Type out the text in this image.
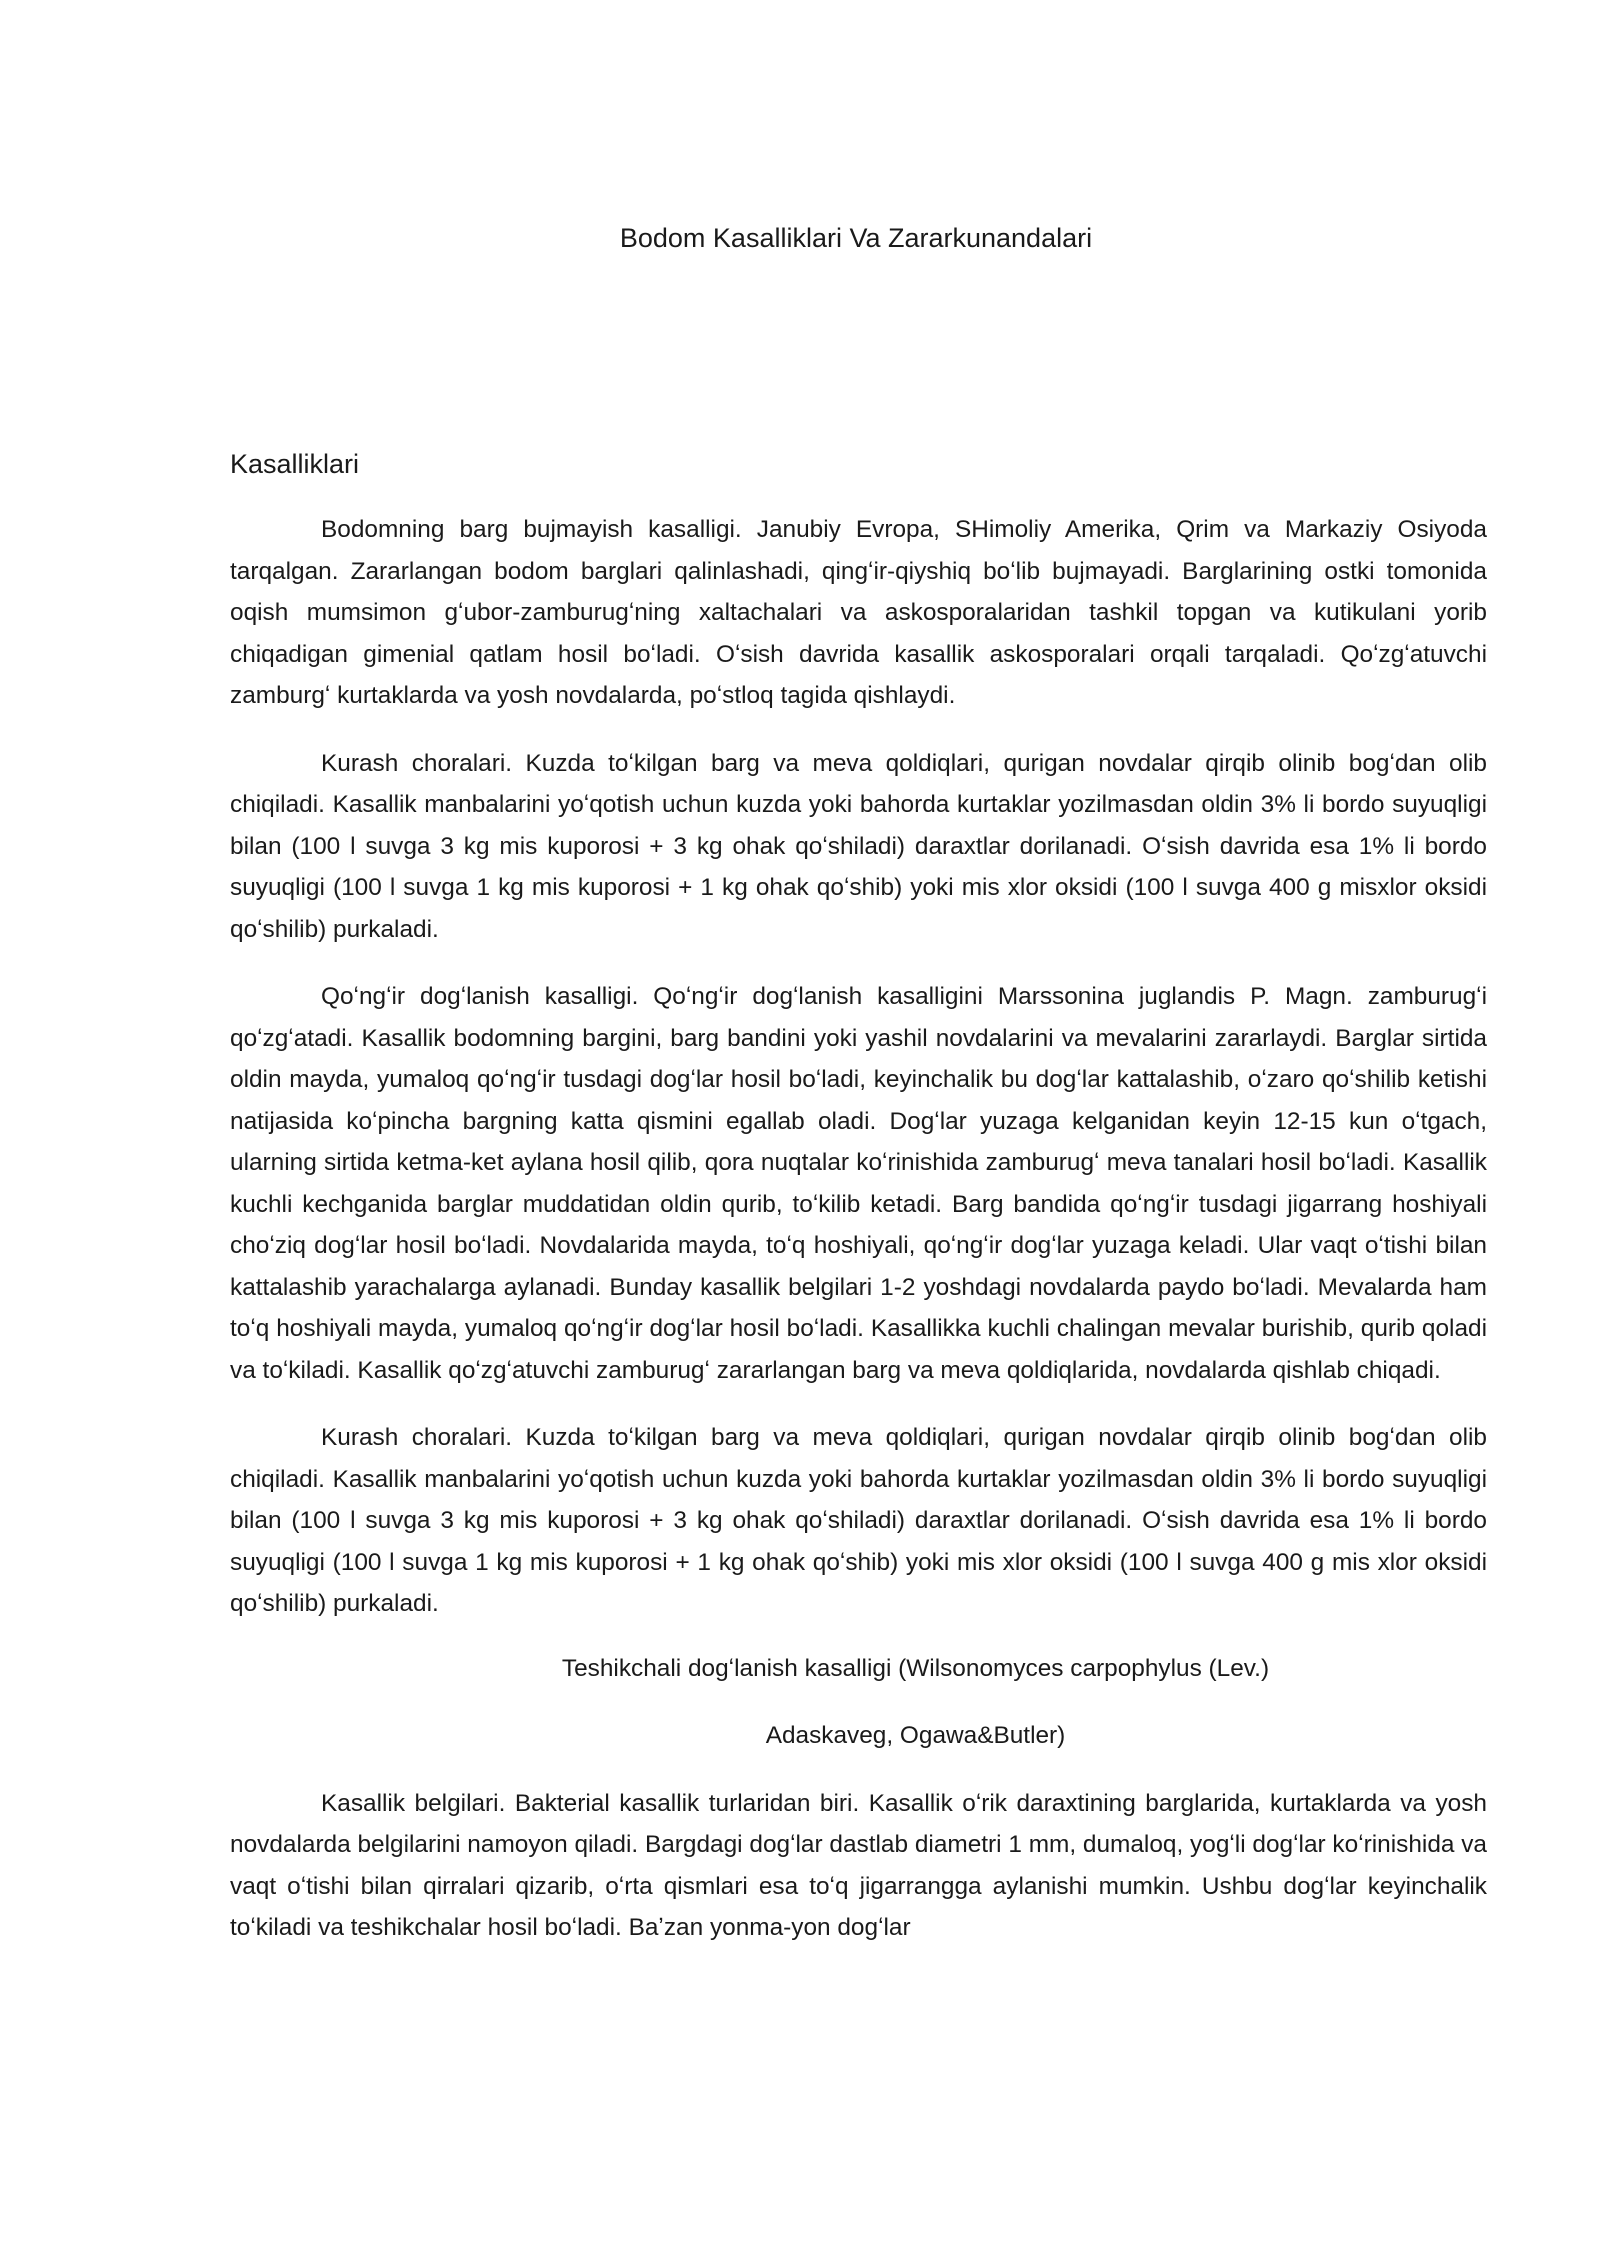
Bodom Kasalliklari Va Zararkunandalari
Kasalliklari

Bodomning barg bujmayish kasalligi. Janubiy Evropa, SHimoliy Amerika, Qrim va Markaziy Osiyoda tarqalgan. Zararlangan bodom barglari qalinlashadi, qingʻir-qiyshiq boʻlib bujmayadi. Barglarining ostki tomonida oqish mumsimon gʻubor-zamburugʻning xaltachalari va askosporalaridan tashkil topgan va kutikulani yorib chiqadigan gimenial qatlam hosil boʻladi. Oʻsish davrida kasallik askosporalari orqali tarqaladi. Qoʻzgʻatuvchi zamburgʻ kurtaklarda va yosh novdalarda, poʻstloq tagida qishlaydi.

Kurash choralari. Kuzda toʻkilgan barg va meva qoldiqlari, qurigan novdalar qirqib olinib bogʻdan olib chiqiladi. Kasallik manbalarini yoʻqotish uchun kuzda yoki bahorda kurtaklar yozilmasdan oldin 3% li bordo suyuqligi bilan (100 l suvga 3 kg mis kuporosi + 3 kg ohak qoʻshiladi) daraxtlar dorilanadi. Oʻsish davrida esa 1% li bordo suyuqligi (100 l suvga 1 kg mis kuporosi + 1 kg ohak qoʻshib) yoki mis xlor oksidi (100 l suvga 400 g misxlor oksidi qoʻshilib) purkaladi.

Qoʻngʻir dogʻlanish kasalligi. Qoʻngʻir dogʻlanish kasalligini Marssonina juglandis P. Magn. zamburugʻi qoʻzgʻatadi. Kasallik bodomning bargini, barg bandini yoki yashil novdalarini va mevalarini zararlaydi. Barglar sirtida oldin mayda, yumaloq qoʻngʻir tusdagi dogʻlar hosil boʻladi, keyinchalik bu dogʻlar kattalashib, oʻzaro qoʻshilib ketishi natijasida koʻpincha bargning katta qismini egallab oladi. Dogʻlar yuzaga kelganidan keyin 12-15 kun oʻtgach, ularning sirtida ketma-ket aylana hosil qilib, qora nuqtalar koʻrinishida zamburugʻ meva tanalari hosil boʻladi. Kasallik kuchli kechganida barglar muddatidan oldin qurib, toʻkilib ketadi. Barg bandida qoʻngʻir tusdagi jigarrang hoshiyali choʻziq dogʻlar hosil boʻladi. Novdalarida mayda, toʻq hoshiyali, qoʻngʻir dogʻlar yuzaga keladi. Ular vaqt oʻtishi bilan kattalashib yarachalarga aylanadi. Bunday kasallik belgilari 1-2 yoshdagi novdalarda paydo boʻladi. Mevalarda ham toʻq hoshiyali mayda, yumaloq qoʻngʻir dogʻlar hosil boʻladi. Kasallikka kuchli chalingan mevalar burishib, qurib qoladi va toʻkiladi. Kasallik qoʻzgʻatuvchi zamburugʻ zararlangan barg va meva qoldiqlarida, novdalarda qishlab chiqadi.

Kurash choralari. Kuzda toʻkilgan barg va meva qoldiqlari, qurigan novdalar qirqib olinib bogʻdan olib chiqiladi. Kasallik manbalarini yoʻqotish uchun kuzda yoki bahorda kurtaklar yozilmasdan oldin 3% li bordo suyuqligi bilan (100 l suvga 3 kg mis kuporosi + 3 kg ohak qoʻshiladi) daraxtlar dorilanadi. Oʻsish davrida esa 1% li bordo suyuqligi (100 l suvga 1 kg mis kuporosi + 1 kg ohak qoʻshib) yoki mis xlor oksidi (100 l suvga 400 g mis xlor oksidi qoʻshilib) purkaladi.

Teshikchali dogʻlanish kasalligi (Wilsonomyces carpophylus (Lev.)

Adaskaveg, Ogawa&Butler)

Kasallik belgilari. Bakterial kasallik turlaridan biri. Kasallik oʻrik daraxtining barglarida, kurtaklarda va yosh novdalarda belgilarini namoyon qiladi. Bargdagi dogʻlar dastlab diametri 1 mm, dumaloq, yogʻli dogʻlar koʻrinishida va vaqt oʻtishi bilan qirralari qizarib, oʻrta qismlari esa toʻq jigarrangga aylanishi mumkin. Ushbu dogʻlar keyinchalik toʻkiladi va teshikchalar hosil boʻladi. Baʼzan yonma-yon dogʻlar
